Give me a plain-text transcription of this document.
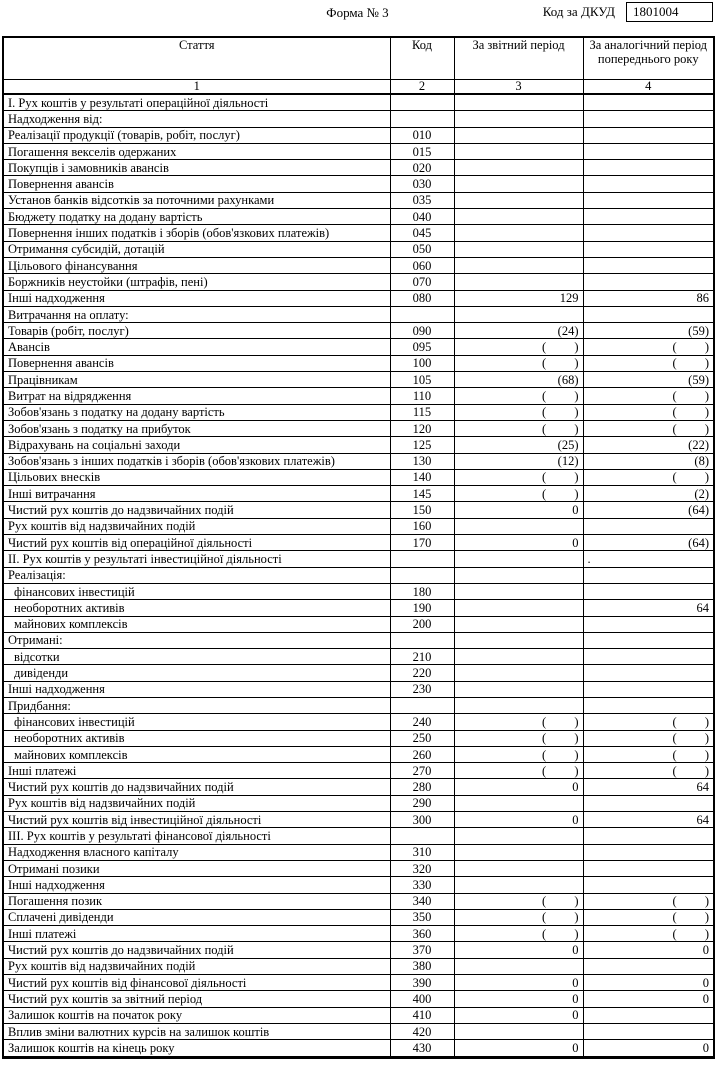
Форма № 3	Код за ДКУД	1801004
Стаття	Код	За звітний період	За аналогічний період попереднього року
1	2	3	4
I. Рух коштів у результаті операційної діяльності			
Надходження від:			
Реалізації продукції (товарів, робіт, послуг)	010		
Погашення векселів одержаних	015		
Покупців і замовників авансів	020		
Повернення авансів	030		
Установ банків відсотків за поточними рахунками	035		
Бюджету податку на додану вартість	040		
Повернення інших податків і зборів (обов'язкових платежів)	045		
Отримання субсидій, дотацій	050		
Цільового фінансування	060		
Боржників неустойки (штрафів, пені)	070		
Інші надходження	080	129	86
Витрачання на оплату:			
Товарів (робіт, послуг)	090	(24)	(59)
Авансів	095	(         )	(         )
Повернення авансів	100	(         )	(         )
Працівникам	105	(68)	(59)
Витрат на відрядження	110	(         )	(         )
Зобов'язань з податку на додану вартість	115	(         )	(         )
Зобов'язань з податку на прибуток	120	(         )	(         )
Відрахувань на соціальні заходи	125	(25)	(22)
Зобов'язань з інших податків і зборів (обов'язкових платежів)	130	(12)	(8)
Цільових внесків	140	(         )	(         )
Інші витрачання	145	(         )	(2)
Чистий рух коштів до надзвичайних подій	150	0	(64)
Рух коштів від надзвичайних подій	160		
Чистий рух коштів від операційної діяльності	170	0	(64)
II. Рух коштів у результаті інвестиційної діяльності			.
Реалізація:			
фінансових інвестицій	180		
необоротних активів	190		64
майнових комплексів	200		
Отримані:			
відсотки	210		
дивіденди	220		
Інші надходження	230		
Придбання:			
фінансових інвестицій	240	(         )	(         )
необоротних активів	250	(         )	(         )
майнових комплексів	260	(         )	(         )
Інші платежі	270	(         )	(         )
Чистий рух коштів до надзвичайних подій	280	0	64
Рух коштів від надзвичайних подій	290		
Чистий рух коштів від інвестиційної діяльності	300	0	64
III. Рух коштів у результаті фінансової діяльності			
Надходження власного капіталу	310		
Отримані позики	320		
Інші надходження	330		
Погашення позик	340	(         )	(         )
Сплачені дивіденди	350	(         )	(         )
Інші платежі	360	(         )	(         )
Чистий рух коштів до надзвичайних подій	370	0	0
Рух коштів від надзвичайних подій	380		
Чистий рух коштів від фінансової діяльності	390	0	0
Чистий рух коштів за звітний період	400	0	0
Залишок коштів на початок року	410	0	
Вплив зміни валютних курсів на залишок коштів	420		
Залишок коштів на кінець року	430	0	0
